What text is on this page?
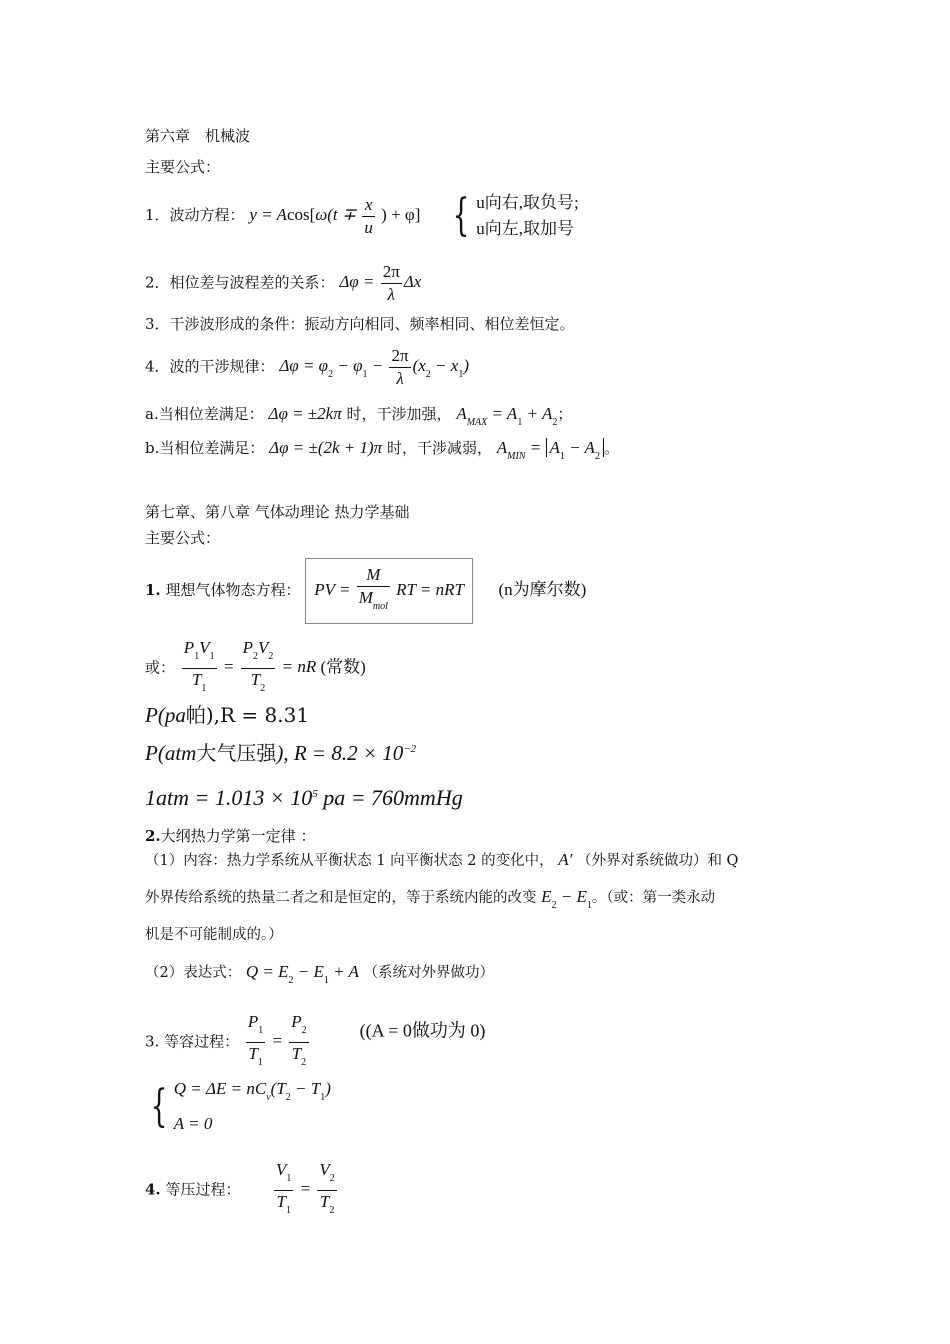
第六章　机械波
主要公式：
1．波动方程： $y = Acos[\omega(t \mp \frac{x}{u}$ ) + φ] { u向右,取负号;
u向左,取加号
2．相位差与波程差的关系： $\Delta\varphi = \frac{2\pi}{\lambda}$ Δx
3．干涉波形成的条件：振动方向相同、频率相同、相位差恒定。
4．波的干涉规律： $\Delta\varphi = \varphi_2 - \varphi_1 - \frac{2\pi}{\lambda} (x_2 - x_1)$
a.当相位差满足： Δφ = ±2kπ 时，干涉加强， $A_{MAX} = A_1 + A_2$；
b.当相位差满足： Δφ = ±(2k + 1)π 时，干涉减弱， $A_{MIN} = A_1 - A_2$ 。
第七章、第八章 气体动理论 热力学基础
主要公式：
1. 理想气体物态方程： PV = $\frac{M}{M_{mol}}$ RT = nRT  (n为摩尔数)
或： $\frac{P_1V_1}{T_1} = \frac{P_2V_2}{T_2}$ = nR (常数)
P(pa帕),R = 8.31
P(atm大气压强), $R = 8.2 \times 10^{-2}$
$1atm = 1.013 \times 10^5$ pa = 760mmHg
2.大纲热力学第一定律 ：
（1）内容：热力学系统从平衡状态 1 向平衡状态 2 的变化中， A′ （外界对系统做功）和 Q
外界传给系统的热量二者之和是恒定的，等于系统内能的改变 $E_2 - E_1$。（或：第一类永动
机是不可能制成的。）
（2）表达式： $Q = E_2 - E_1 + A$ （系统对外界做功）
3. 等容过程： $\frac{P_1}{T_1} = \frac{P_2}{T_2}$	((A = 0做功为 0)
{ $Q = \Delta E = nC_v(T_2 - T_1)$
A = 0
4. 等压过程： $\frac{V_1}{T_1} = \frac{V_2}{T_2}$
